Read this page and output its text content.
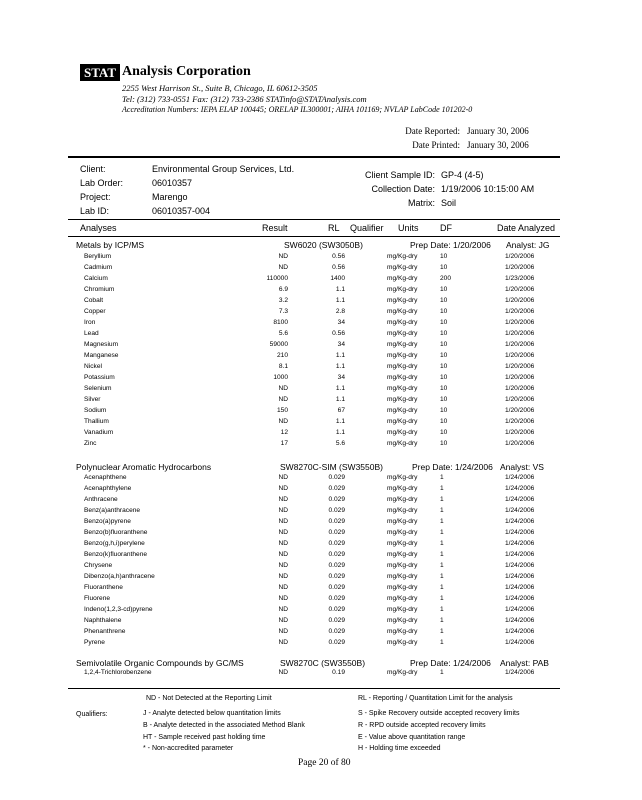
STAT Analysis Corporation
2255 West Harrison St., Suite B, Chicago, IL 60612-3505
Tel: (312) 733-0551 Fax: (312) 733-2386 STATinfo@STATAnalysis.com
Accreditation Numbers: IEPA ELAP 100445; ORELAP IL300001; AIHA 101169; NVLAP LabCode 101202-0
Date Reported: January 30, 2006
Date Printed: January 30, 2006
Client:	Environmental Group Services, Ltd.
Lab Order:	06010357
Project:	Marengo
Lab ID:	06010357-004
Client Sample ID: GP-4 (4-5)
Collection Date: 1/19/2006 10:15:00 AM
Matrix: Soil
Analyses	Result	RL Qualifier Units DF	Date Analyzed
Metals by ICP/MS	SW6020 (SW3050B)	Prep Date: 1/20/2006 Analyst: JG
Beryllium	ND	0.56	mg/Kg-dry	10	1/20/2006
Cadmium	ND	0.56	mg/Kg-dry	10	1/20/2006
Calcium	110000	1400	mg/Kg-dry	200	1/23/2006
Chromium	6.9	1.1	mg/Kg-dry	10	1/20/2006
Cobalt	3.2	1.1	mg/Kg-dry	10	1/20/2006
Copper	7.3	2.8	mg/Kg-dry	10	1/20/2006
Iron	8100	34	mg/Kg-dry	10	1/20/2006
Lead	5.6	0.56	mg/Kg-dry	10	1/20/2006
Magnesium	59000	34	mg/Kg-dry	10	1/20/2006
Manganese	210	1.1	mg/Kg-dry	10	1/20/2006
Nickel	8.1	1.1	mg/Kg-dry	10	1/20/2006
Potassium	1000	34	mg/Kg-dry	10	1/20/2006
Selenium	ND	1.1	mg/Kg-dry	10	1/20/2006
Silver	ND	1.1	mg/Kg-dry	10	1/20/2006
Sodium	150	67	mg/Kg-dry	10	1/20/2006
Thallium	ND	1.1	mg/Kg-dry	10	1/20/2006
Vanadium	12	1.1	mg/Kg-dry	10	1/20/2006
Zinc	17	5.6	mg/Kg-dry	10	1/20/2006
Polynuclear Aromatic Hydrocarbons	SW8270C-SIM (SW3550B)	Prep Date: 1/24/2006 Analyst: VS
Acenaphthene	ND	0.029	mg/Kg-dry	1	1/24/2006
Acenaphthylene	ND	0.029	mg/Kg-dry	1	1/24/2006
Anthracene	ND	0.029	mg/Kg-dry	1	1/24/2006
Benz(a)anthracene	ND	0.029	mg/Kg-dry	1	1/24/2006
Benzo(a)pyrene	ND	0.029	mg/Kg-dry	1	1/24/2006
Benzo(b)fluoranthene	ND	0.029	mg/Kg-dry	1	1/24/2006
Benzo(g,h,i)perylene	ND	0.029	mg/Kg-dry	1	1/24/2006
Benzo(k)fluoranthene	ND	0.029	mg/Kg-dry	1	1/24/2006
Chrysene	ND	0.029	mg/Kg-dry	1	1/24/2006
Dibenzo(a,h)anthracene	ND	0.029	mg/Kg-dry	1	1/24/2006
Fluoranthene	ND	0.029	mg/Kg-dry	1	1/24/2006
Fluorene	ND	0.029	mg/Kg-dry	1	1/24/2006
Indeno(1,2,3-cd)pyrene	ND	0.029	mg/Kg-dry	1	1/24/2006
Naphthalene	ND	0.029	mg/Kg-dry	1	1/24/2006
Phenanthrene	ND	0.029	mg/Kg-dry	1	1/24/2006
Pyrene	ND	0.029	mg/Kg-dry	1	1/24/2006
Semivolatile Organic Compounds by GC/MS	SW8270C (SW3550B)	Prep Date: 1/24/2006 Analyst: PAB
1,2,4-Trichlorobenzene	ND	0.19	mg/Kg-dry	1	1/24/2006
Qualifiers:
ND - Not Detected at the Reporting Limit
J - Analyte detected below quantitation limits
B - Analyte detected in the associated Method Blank
HT - Sample received past holding time
* - Non-accredited parameter
RL - Reporting / Quantitation Limit for the analysis
S - Spike Recovery outside accepted recovery limits
R - RPD outside accepted recovery limits
E - Value above quantitation range
H - Holding time exceeded
Page 20 of 80
